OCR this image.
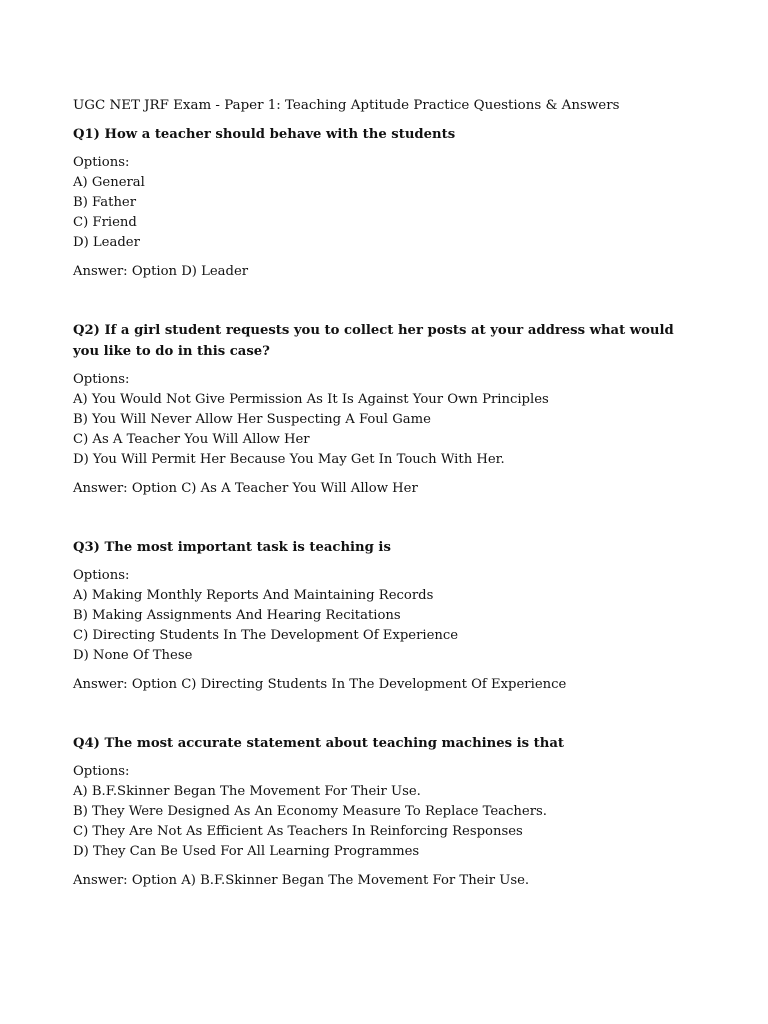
UGC NET JRF Exam - Paper 1: Teaching Aptitude Practice Questions & Answers

Q1) How a teacher should behave with the students

Options:

A) General
B) Father
C) Friend
D) Leader

Answer: Option D) Leader

Q2) If a girl student requests you to collect her posts at your address what would you like to do in this case?

Options:

A) You Would Not Give Permission As It Is Against Your Own Principles
B) You Will Never Allow Her Suspecting A Foul Game
C) As A Teacher You Will Allow Her
D) You Will Permit Her Because You May Get In Touch With Her.

Answer: Option C) As A Teacher You Will Allow Her

Q3) The most important task is teaching is

Options:

A) Making Monthly Reports And Maintaining Records
B) Making Assignments And Hearing Recitations
C) Directing Students In The Development Of Experience
D) None Of These

Answer: Option C) Directing Students In The Development Of Experience

Q4) The most accurate statement about teaching machines is that

Options:

A) B.F.Skinner Began The Movement For Their Use.
B) They Were Designed As An Economy Measure To Replace Teachers.
C) They Are Not As Efficient As Teachers In Reinforcing Responses
D) They Can Be Used For All Learning Programmes

Answer: Option A) B.F.Skinner Began The Movement For Their Use.
